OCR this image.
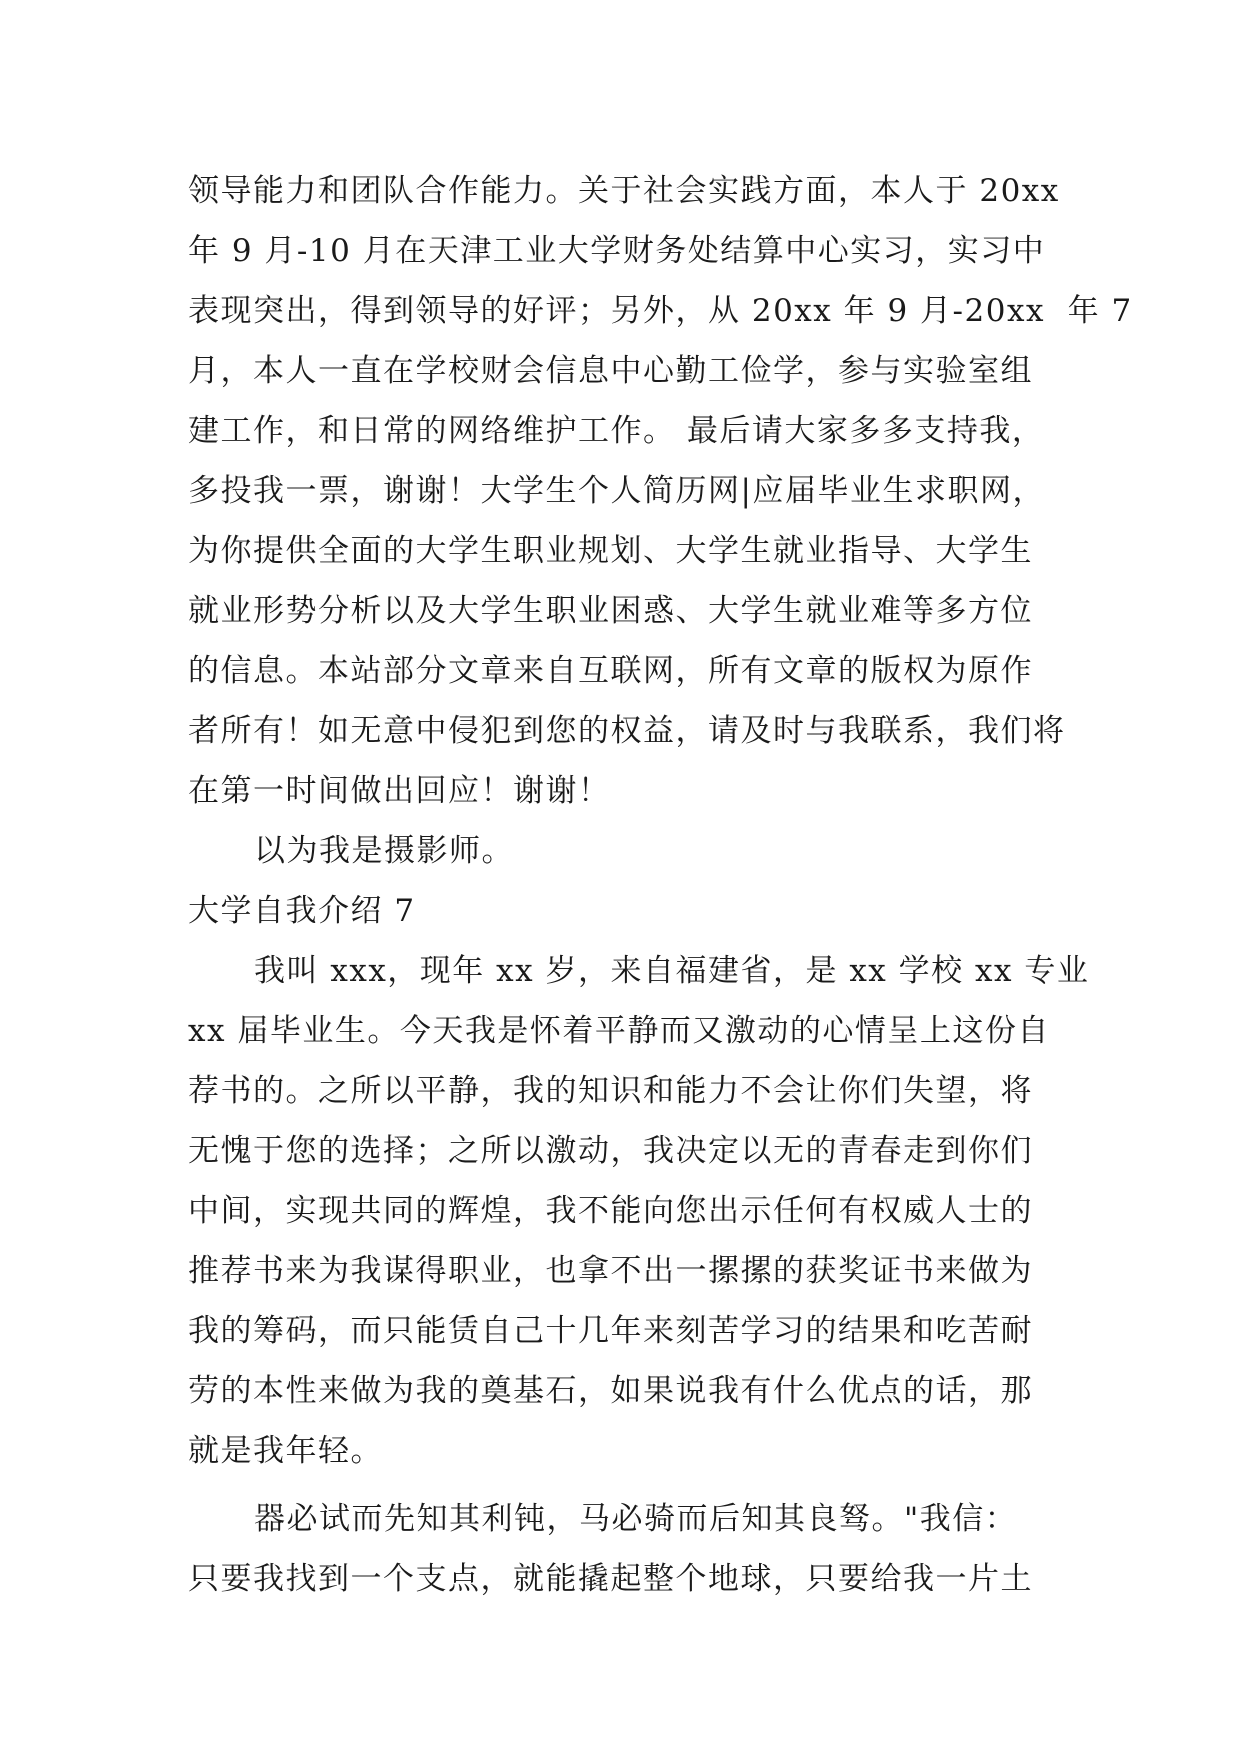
领导能力和团队合作能力。关于社会实践方面，本人于 20xx
年 9 月-10 月在天津工业大学财务处结算中心实习，实习中
表现突出，得到领导的好评；另外，从 20xx 年 9 月-20xx  年 7
月，本人一直在学校财会信息中心勤工俭学，参与实验室组
建工作，和日常的网络维护工作。 最后请大家多多支持我，
多投我一票，谢谢！大学生个人简历网|应届毕业生求职网，
为你提供全面的大学生职业规划、大学生就业指导、大学生
就业形势分析以及大学生职业困惑、大学生就业难等多方位
的信息。本站部分文章来自互联网，所有文章的版权为原作
者所有！如无意中侵犯到您的权益，请及时与我联系，我们将
在第一时间做出回应！谢谢！
以为我是摄影师。
大学自我介绍 7
我叫 xxx，现年 xx 岁，来自福建省，是 xx 学校 xx 专业
xx 届毕业生。今天我是怀着平静而又激动的心情呈上这份自
荐书的。之所以平静，我的知识和能力不会让你们失望，将
无愧于您的选择；之所以激动，我决定以无的青春走到你们
中间，实现共同的辉煌，我不能向您出示任何有权威人士的
推荐书来为我谋得职业，也拿不出一摞摞的获奖证书来做为
我的筹码，而只能赁自己十几年来刻苦学习的结果和吃苦耐
劳的本性来做为我的奠基石，如果说我有什么优点的话，那
就是我年轻。
器必试而先知其利钝，马必骑而后知其良驽。"我信：
只要我找到一个支点，就能撬起整个地球，只要给我一片土
